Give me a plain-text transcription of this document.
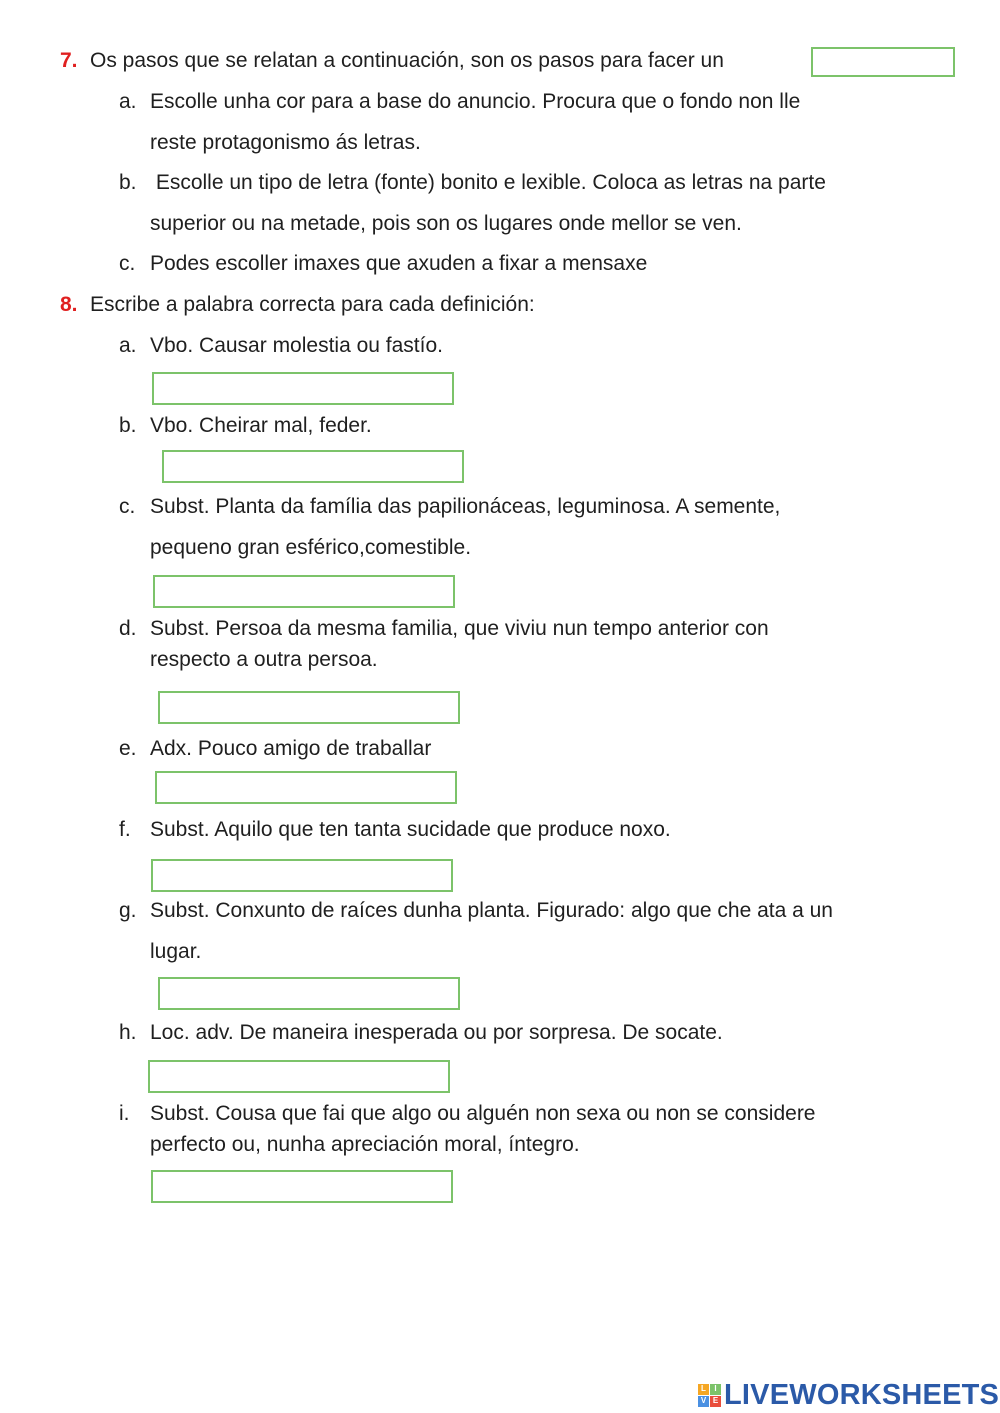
7. Os pasos que se relatan a continuación, son os pasos para facer un
a. Escolle unha cor para a base do anuncio. Procura que o fondo non lle
reste protagonismo ás letras.
b. Escolle un tipo de letra (fonte) bonito e lexible. Coloca as letras na parte
superior ou na metade, pois son os lugares onde mellor se ven.
c. Podes escoller imaxes que axuden a fixar a mensaxe
8. Escribe a palabra correcta para cada definición:
a. Vbo. Causar molestia ou fastío.
b. Vbo. Cheirar mal, feder.
c. Subst. Planta da família das papilionáceas, leguminosa. A semente,
pequeno gran esférico,comestible.
d. Subst. Persoa da mesma familia, que viviu nun tempo anterior con
respecto a outra persoa.
e. Adx. Pouco amigo de traballar
f. Subst. Aquilo que ten tanta sucidade que produce noxo.
g. Subst. Conxunto de raíces dunha planta. Figurado: algo que che ata a un
lugar.
h. Loc. adv. De maneira inesperada ou por sorpresa. De socate.
i. Subst. Cousa que fai que algo ou alguén non sexa ou non se considere
perfecto ou, nunha apreciación moral, íntegro.
L	I
V E LIVEWORKSHEETS
